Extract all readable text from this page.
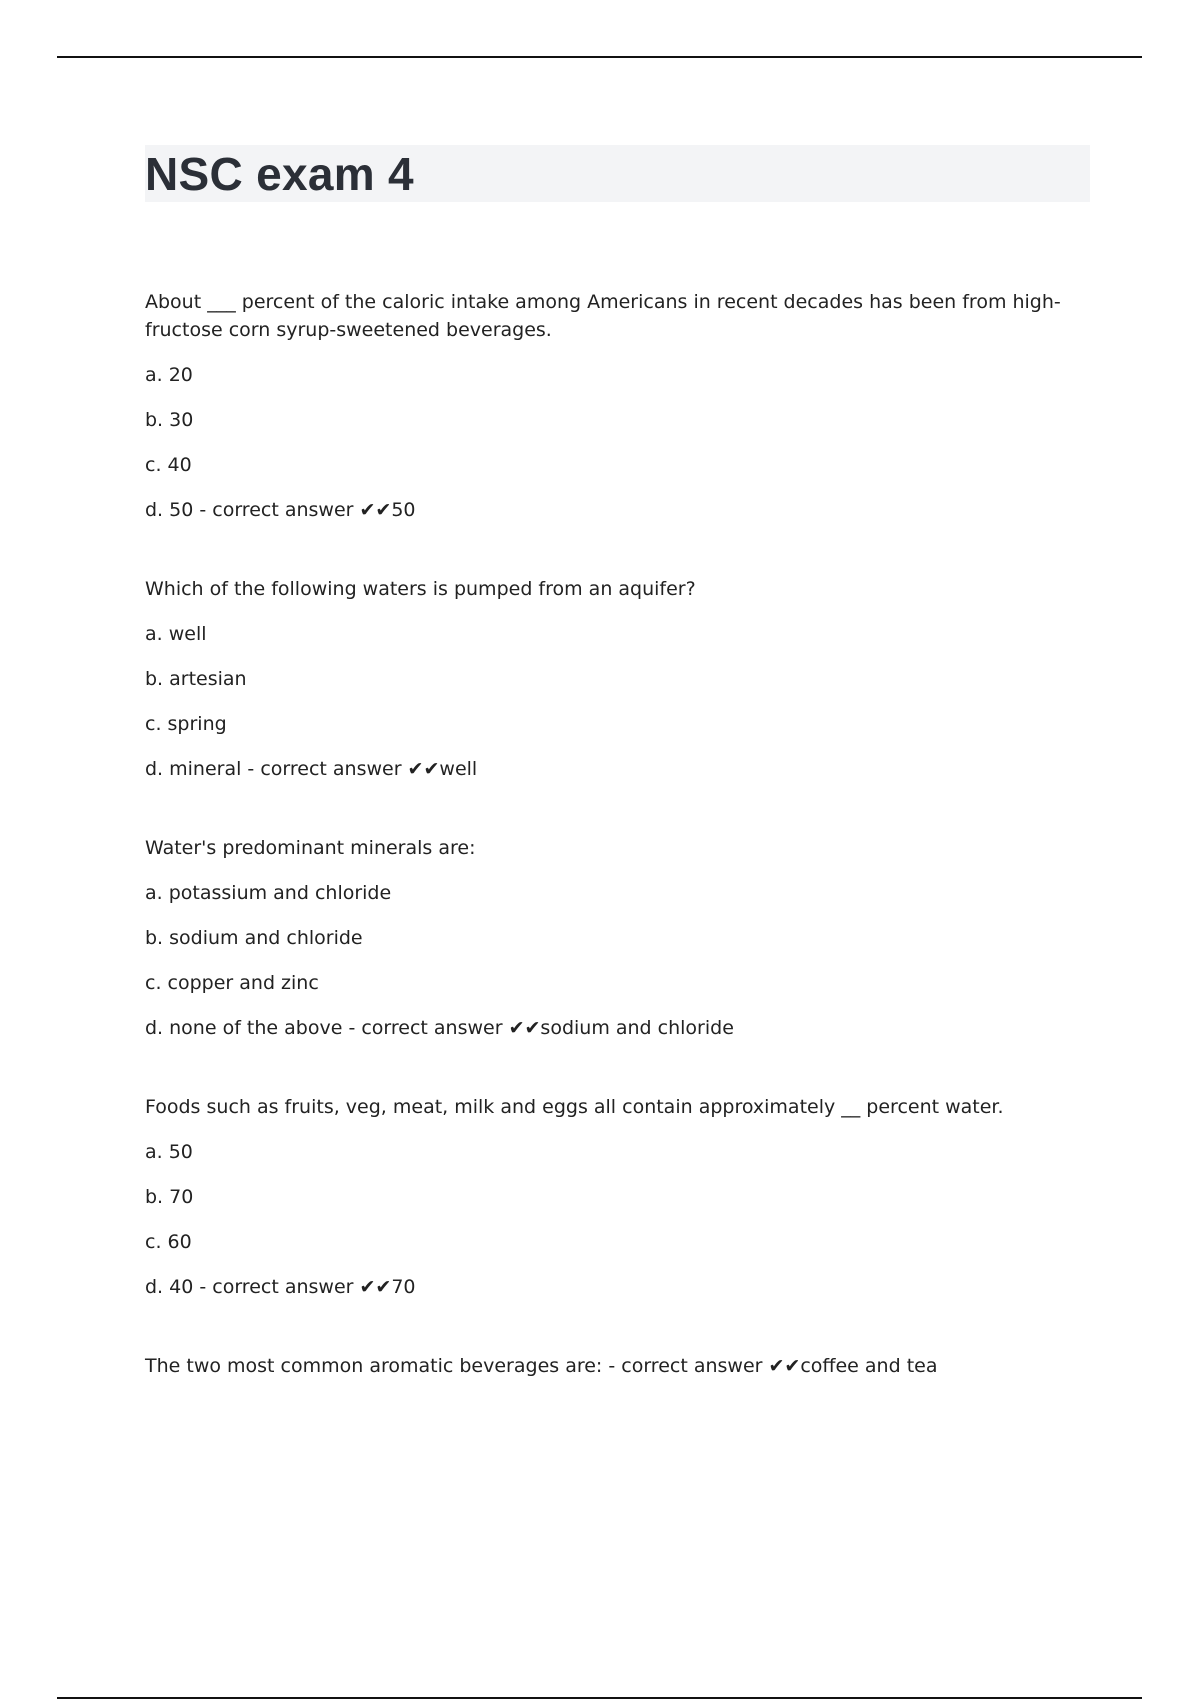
NSC exam 4

About ___ percent of the caloric intake among Americans in recent decades has been from high-fructose corn syrup-sweetened beverages.

a. 20

b. 30

c. 40

d. 50 - correct answer ✔✔50

Which of the following waters is pumped from an aquifer?

a. well

b. artesian

c. spring

d. mineral - correct answer ✔✔well

Water's predominant minerals are:

a. potassium and chloride

b. sodium and chloride

c. copper and zinc

d. none of the above - correct answer ✔✔sodium and chloride

Foods such as fruits, veg, meat, milk and eggs all contain approximately __ percent water.

a. 50

b. 70

c. 60

d. 40 - correct answer ✔✔70

The two most common aromatic beverages are: - correct answer ✔✔coffee and tea
